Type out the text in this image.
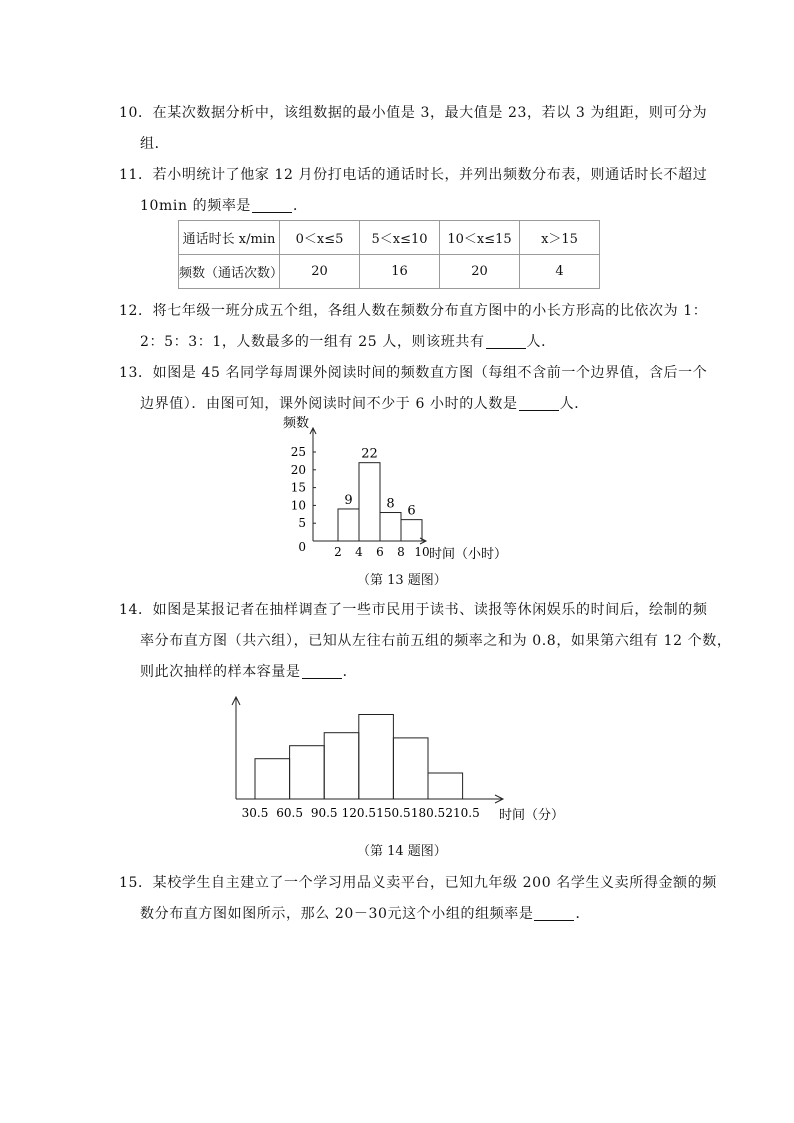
10．在某次数据分析中，该组数据的最小值是 3，最大值是 23，若以 3 为组距，则可分为
组．
11．若小明统计了他家 12 月份打电话的通话时长，并列出频数分布表，则通话时长不超过
10min 的频率是	．
通话时长 x/min	0＜x≤5	5＜x≤10	10＜x≤15	x＞15
频数（通话次数）	20	16	20	4
12．将七年级一班分成五个组，各组人数在频数分布直方图中的小长方形高的比依次为 1：
2：5：3：1，人数最多的一组有 25 人，则该班共有	人．
13．如图是 45 名同学每周课外阅读时间的频数直方图（每组不含前一个边界值，含后一个
边界值）．由图可知，课外阅读时间不少于 6 小时的人数是	人．
频数
时间（小时）
0
5
10
15
20
25
2 4 6 8 10
9
22
8 6
（第 13 题图）
14．如图是某报记者在抽样调查了一些市民用于读书、读报等休闲娱乐的时间后，绘制的频
率分布直方图（共六组），已知从左往右前五组的频率之和为 0.8，如果第六组有 12 个数，
则此次抽样的样本容量是	．
时间（分）
30.5 60.5 90.5 120.5 150.5 180.5 210.5
（第 14 题图）
15．某校学生自主建立了一个学习用品义卖平台，已知九年级 200 名学生义卖所得金额的频
数分布直方图如图所示，那么 20－30元这个小组的组频率是	．
